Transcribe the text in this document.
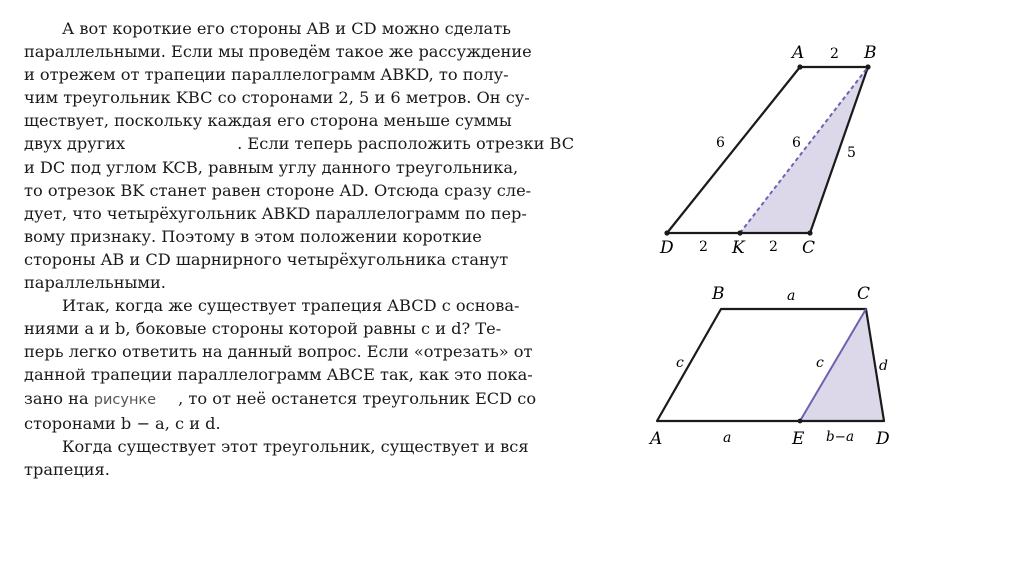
А вот короткие его стороны AB и CD можно сделать
параллельными. Если мы проведём такое же рассуждение
и отрежем от трапеции параллелограмм ABKD, то полу-
чим треугольник KBC со сторонами 2, 5 и 6 метров. Он су-
ществует, поскольку каждая его сторона меньше суммы
двух других	. Если теперь расположить отрезки BC
и DC под углом KCB, равным углу данного треугольника,
то отрезок BK станет равен стороне AD. Отсюда сразу сле-
дует, что четырёхугольник ABKD параллелограмм по пер-
вому признаку. Поэтому в этом положении короткие
стороны AB и CD шарнирного четырёхугольника станут
параллельными.

Итак, когда же существует трапеция ABCD с основа-
ниями a и b, боковые стороны которой равны c и d? Те-
перь легко ответить на данный вопрос. Если «отрезать» от
данной трапеции параллелограмм ABCE так, как это пока-
зано на рисунке , то от неё останется треугольник ECD со
сторонами b − a, c и d.

Когда существует этот треугольник, существует и вся
трапеция.

A	B
D	K	C
2
6	6
5
2	2
B	C
A	E	D
a
c	c	d
a	b−a
